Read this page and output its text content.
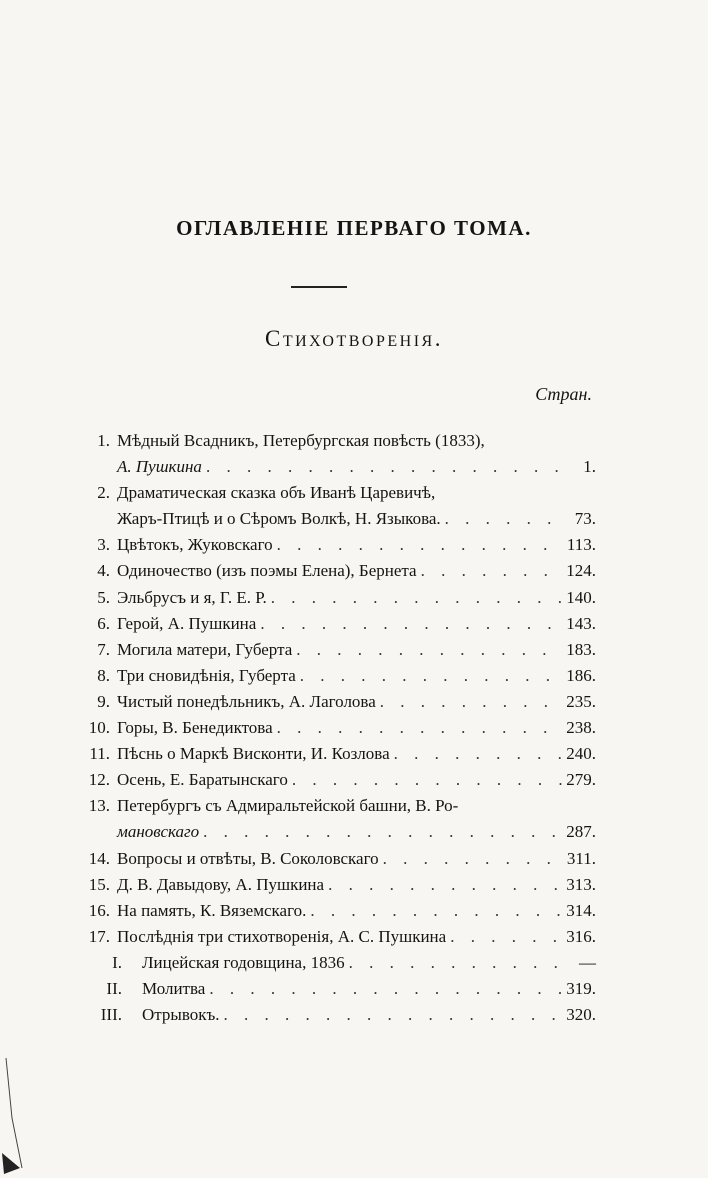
ОГЛАВЛЕНІЕ ПЕРВАГО ТОМА.
Стихотворенія.
Стран.
1. Мѣдный Всадникъ, Петербургская повѣсть (1833),
А. Пушкина . . .	1.
2. Драматическая сказка объ Иванѣ Царевичѣ,
Жаръ-Птицѣ и о Сѣромъ Волкѣ, Н. Языкова. . . .	73.
3. Цвѣтокъ, Жуковскаго . . .	113.
4. Одиночество (изъ поэмы Елена), Бернета . . .	124.
5. Эльбрусъ и я, Г. Е. Р. . . .	140.
6. Герой, А. Пушкина . . .	143.
7. Могила матери, Губерта . . .	183.
8. Три сновидѣнія, Губерта . . .	186.
9. Чистый понедѣльникъ, А. Лаголова . . .	235.
10. Горы, В. Бенедиктова . . .	238.
11. Пѣснь о Маркѣ Висконти, И. Козлова . . .	240.
12. Осень, Е. Баратынскаго . . .	279.
13. Петербургъ съ Адмиральтейской башни, В. Ро-
мановскаго . . .	287.
14. Вопросы и отвѣты, В. Соколовскаго . . .	311.
15. Д. В. Давыдову, А. Пушкина . . .	313.
16. На память, К. Вяземскаго. . . .	314.
17. Послѣднія три стихотворенія, А. С. Пушкина . . .	316.
I.	Лицейская годовщина, 1836 . . .	—
II.	Молитва . . .	319.
III.	Отрывокъ. . . .	320.
